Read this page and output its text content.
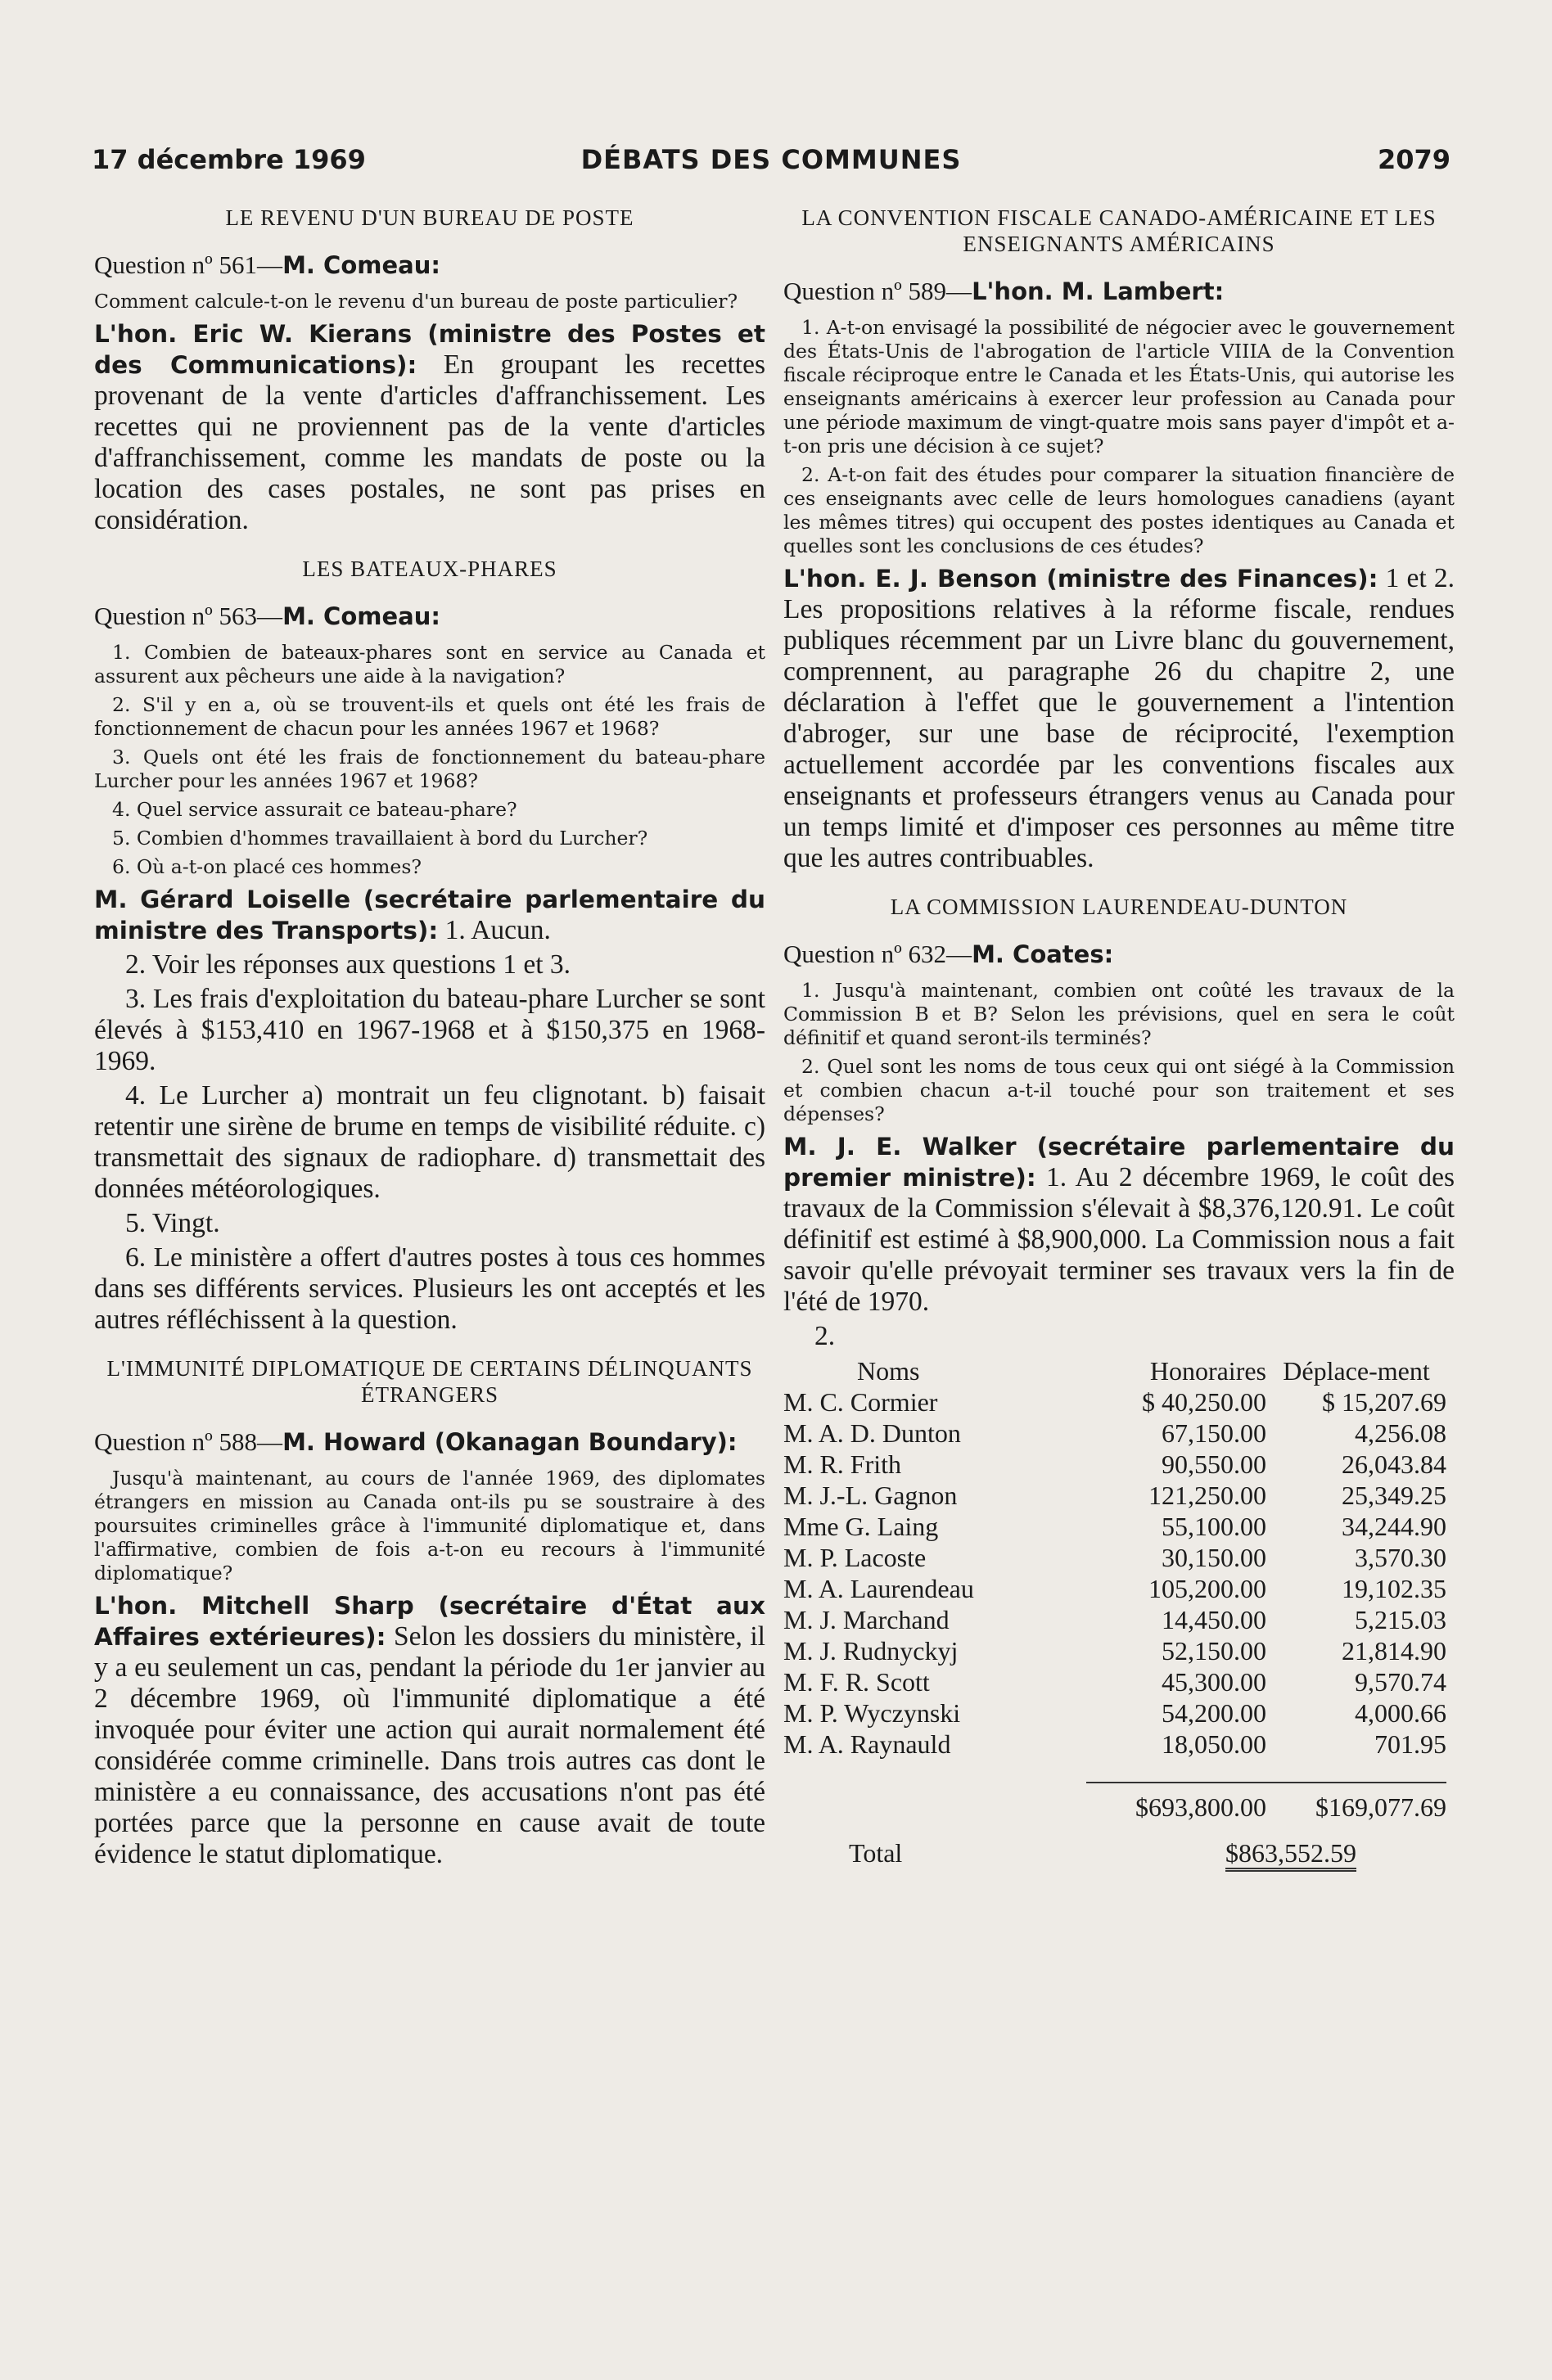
17 décembre 1969	DÉBATS DES COMMUNES	2079
LE REVENU D'UN BUREAU DE POSTE
Question nº 561—M. Comeau:

Comment calcule-t-on le revenu d'un bureau de poste particulier?

L'hon. Eric W. Kierans (ministre des Postes et des Communications): En groupant les recettes provenant de la vente d'articles d'affranchissement. Les recettes qui ne proviennent pas de la vente d'articles d'affranchissement, comme les mandats de poste ou la location des cases postales, ne sont pas prises en considération.

LES BATEAUX-PHARES
Question nº 563—M. Comeau:

1. Combien de bateaux-phares sont en service au Canada et assurent aux pêcheurs une aide à la navigation?

2. S'il y en a, où se trouvent-ils et quels ont été les frais de fonctionnement de chacun pour les années 1967 et 1968?

3. Quels ont été les frais de fonctionnement du bateau-phare Lurcher pour les années 1967 et 1968?

4. Quel service assurait ce bateau-phare?

5. Combien d'hommes travaillaient à bord du Lurcher?

6. Où a-t-on placé ces hommes?

M. Gérard Loiselle (secrétaire parlementaire du ministre des Transports): 1. Aucun.

2. Voir les réponses aux questions 1 et 3.

3. Les frais d'exploitation du bateau-phare Lurcher se sont élevés à $153,410 en 1967-1968 et à $150,375 en 1968-1969.

4. Le Lurcher a) montrait un feu clignotant. b) faisait retentir une sirène de brume en temps de visibilité réduite. c) transmettait des signaux de radiophare. d) transmettait des données météorologiques.

5. Vingt.

6. Le ministère a offert d'autres postes à tous ces hommes dans ses différents services. Plusieurs les ont acceptés et les autres réfléchissent à la question.

L'IMMUNITÉ DIPLOMATIQUE DE CERTAINS DÉLINQUANTS ÉTRANGERS
Question nº 588—M. Howard (Okanagan Boundary):

Jusqu'à maintenant, au cours de l'année 1969, des diplomates étrangers en mission au Canada ont-ils pu se soustraire à des poursuites criminelles grâce à l'immunité diplomatique et, dans l'affirmative, combien de fois a-t-on eu recours à l'immunité diplomatique?

L'hon. Mitchell Sharp (secrétaire d'État aux Affaires extérieures): Selon les dossiers du ministère, il y a eu seulement un cas, pendant la période du 1er janvier au 2 décembre 1969, où l'immunité diplomatique a été invoquée pour éviter une action qui aurait normalement été considérée comme criminelle. Dans trois autres cas dont le ministère a eu connaissance, des accusations n'ont pas été portées parce que la personne en cause avait de toute évidence le statut diplomatique.

LA CONVENTION FISCALE CANADO-AMÉRICAINE ET LES ENSEIGNANTS AMÉRICAINS
Question nº 589—L'hon. M. Lambert:

1. A-t-on envisagé la possibilité de négocier avec le gouvernement des États-Unis de l'abrogation de l'article VIIIA de la Convention fiscale réciproque entre le Canada et les États-Unis, qui autorise les enseignants américains à exercer leur profession au Canada pour une période maximum de vingt-quatre mois sans payer d'impôt et a-t-on pris une décision à ce sujet?

2. A-t-on fait des études pour comparer la situation financière de ces enseignants avec celle de leurs homologues canadiens (ayant les mêmes titres) qui occupent des postes identiques au Canada et quelles sont les conclusions de ces études?

L'hon. E. J. Benson (ministre des Finances): 1 et 2. Les propositions relatives à la réforme fiscale, rendues publiques récemment par un Livre blanc du gouvernement, comprennent, au paragraphe 26 du chapitre 2, une déclaration à l'effet que le gouvernement a l'intention d'abroger, sur une base de réciprocité, l'exemption actuellement accordée par les conventions fiscales aux enseignants et professeurs étrangers venus au Canada pour un temps limité et d'imposer ces personnes au même titre que les autres contribuables.

LA COMMISSION LAURENDEAU-DUNTON
Question nº 632—M. Coates:

1. Jusqu'à maintenant, combien ont coûté les travaux de la Commission B et B? Selon les prévisions, quel en sera le coût définitif et quand seront-ils terminés?

2. Quel sont les noms de tous ceux qui ont siégé à la Commission et combien chacun a-t-il touché pour son traitement et ses dépenses?

M. J. E. Walker (secrétaire parlementaire du premier ministre): 1. Au 2 décembre 1969, le coût des travaux de la Commission s'élevait à $8,376,120.91. Le coût définitif est estimé à $8,900,000. La Commission nous a fait savoir qu'elle prévoyait terminer ses travaux vers la fin de l'été de 1970.

2.

Noms	Honoraires	Déplace-ment
M. C. Cormier	$ 40,250.00	$ 15,207.69
M. A. D. Dunton	67,150.00	4,256.08
M. R. Frith	90,550.00	26,043.84
M. J.-L. Gagnon	121,250.00	25,349.25
Mme G. Laing	55,100.00	34,244.90
M. P. Lacoste	30,150.00	3,570.30
M. A. Laurendeau	105,200.00	19,102.35
M. J. Marchand	14,450.00	5,215.03
M. J. Rudnyckyj	52,150.00	21,814.90
M. F. R. Scott	45,300.00	9,570.74
M. P. Wyczynski	54,200.00	4,000.66
M. A. Raynauld	18,050.00	701.95

	$693,800.00	$169,077.69

Total	$863,552.59	
